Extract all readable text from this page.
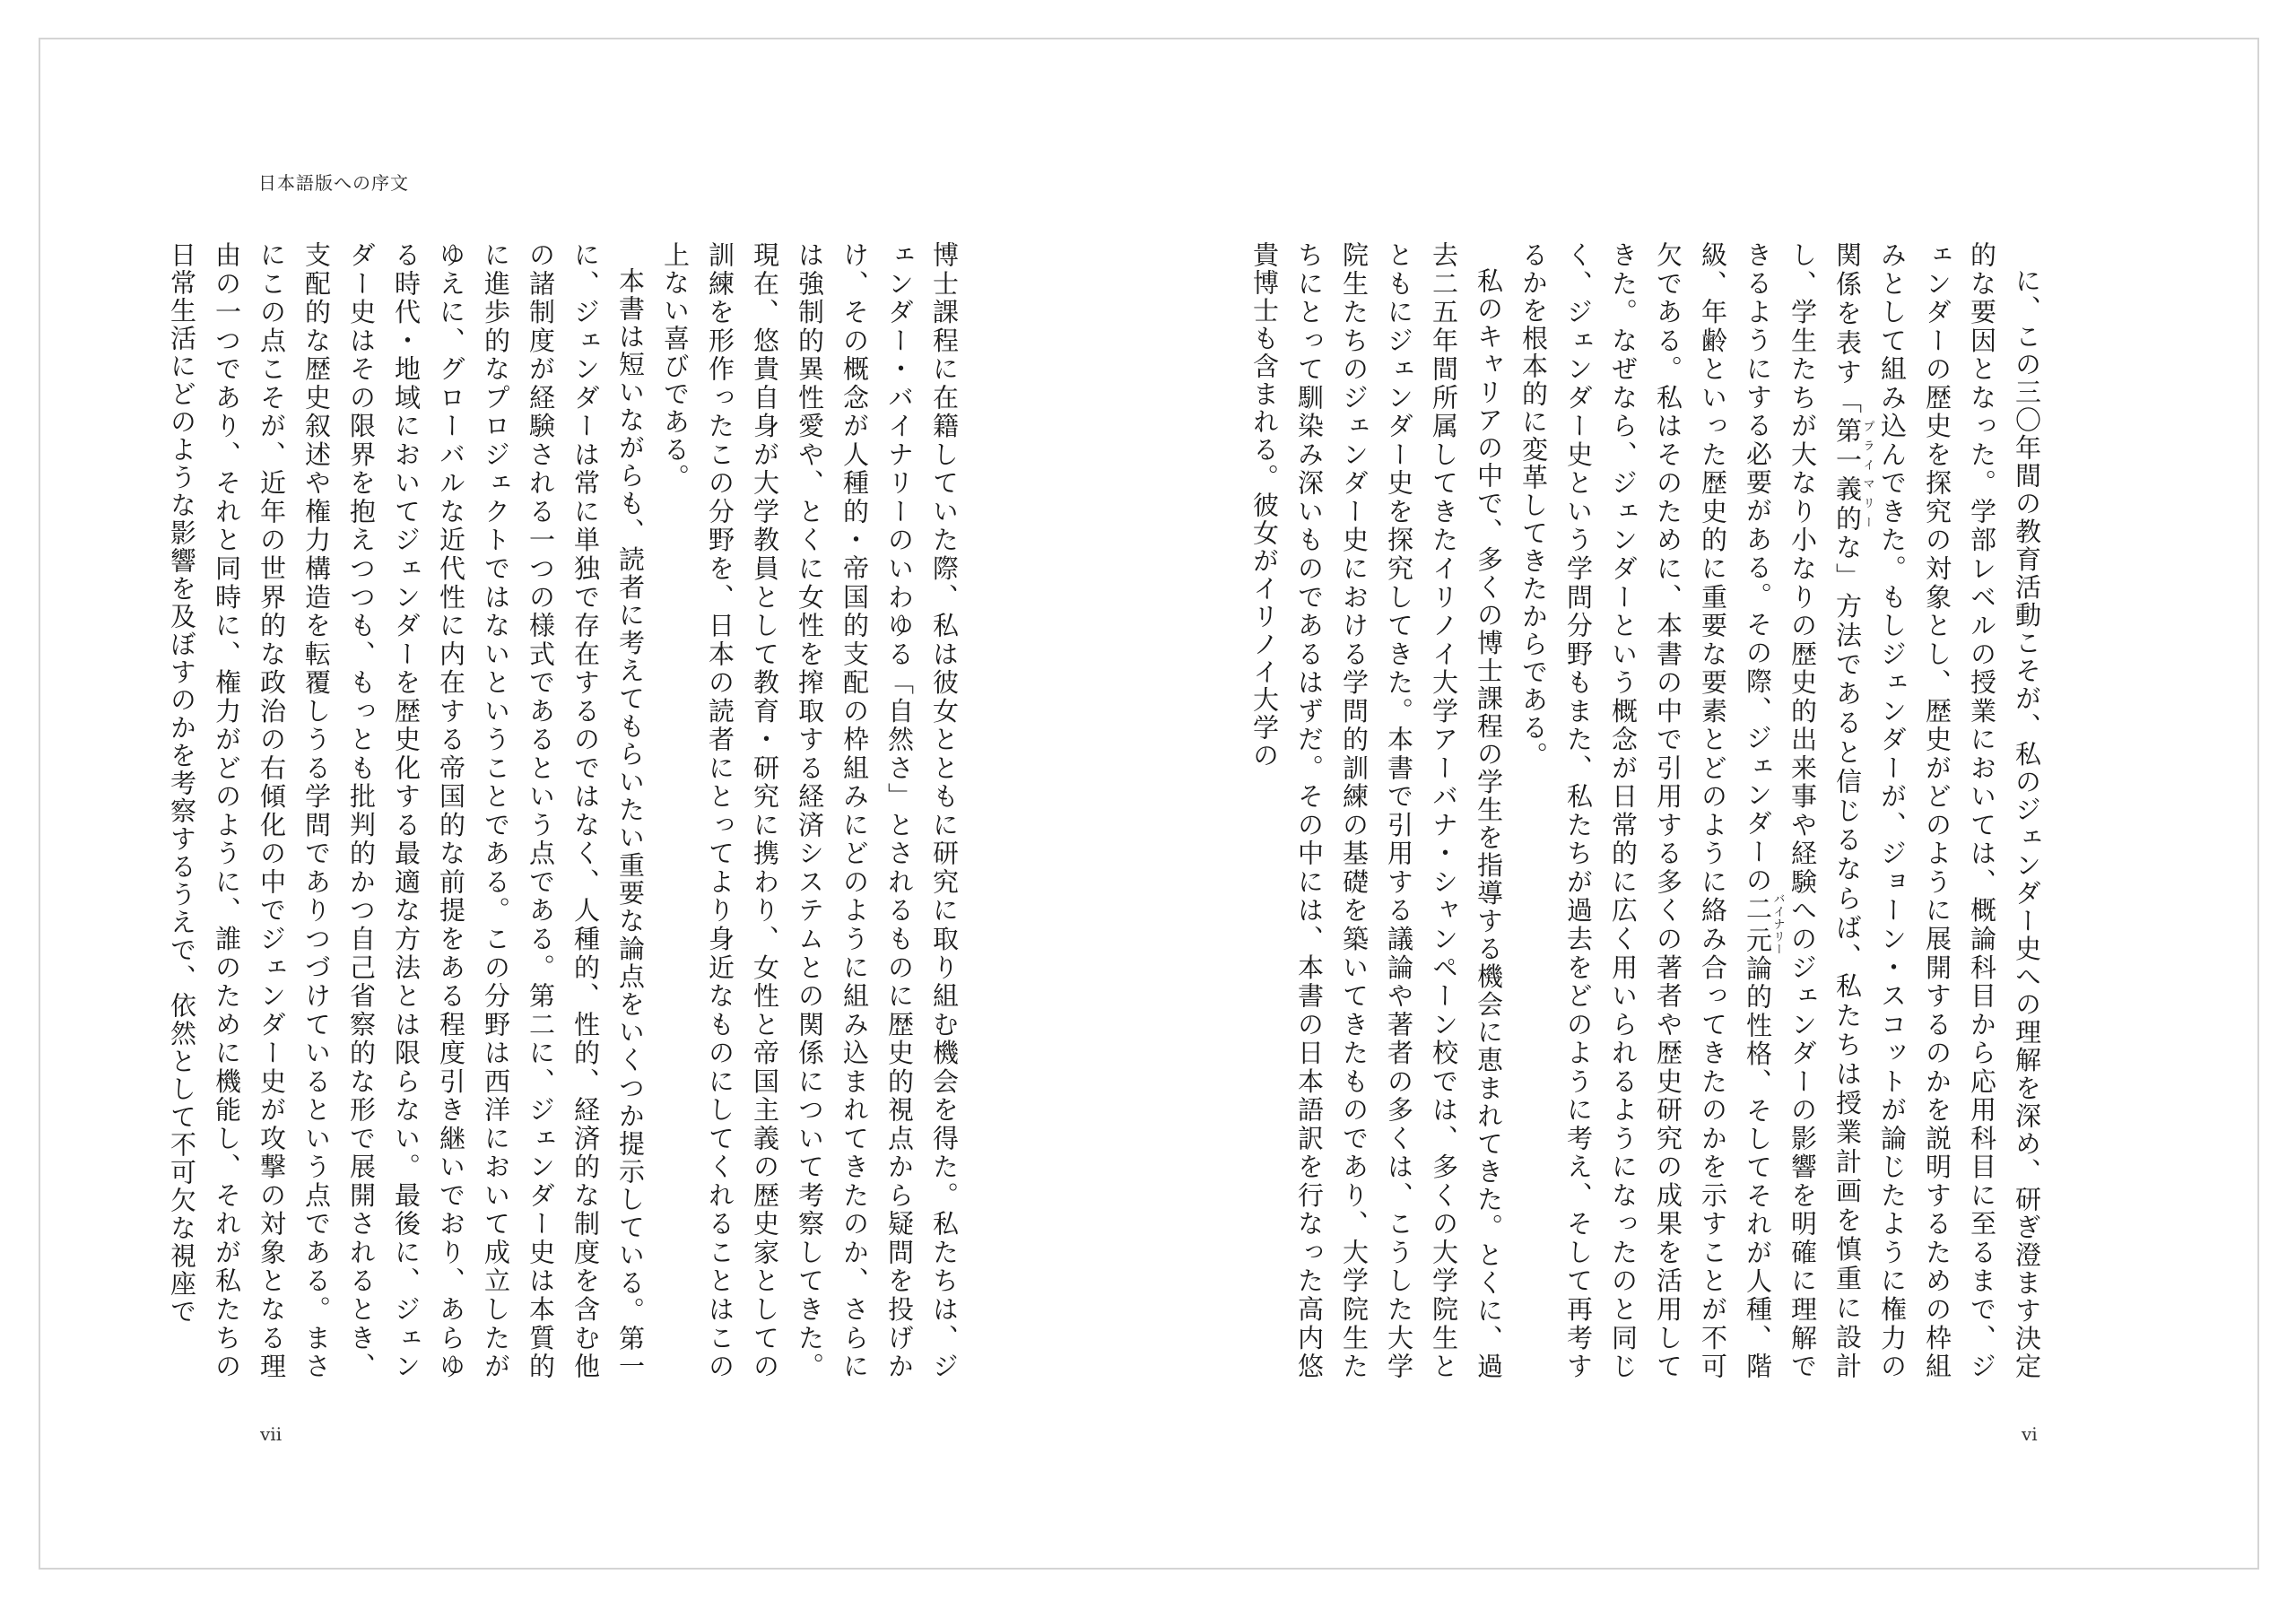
日本語版への序文

に、この三〇年間の教育活動こそが、私のジェンダー史への理解を深め、研ぎ澄ます決定的な要因となった。学部レベルの授業においては、概論科目から応用科目に至るまで、ジェンダーの歴史を探究の対象とし、歴史がどのように展開するのかを説明するための枠組みとして組み込んできた。もしジェンダーが、ジョーン・スコットが論じたように権力の関係を表す「第一義的プライマリーな」方法であると信じるならば、私たちは授業計画を慎重に設計し、学生たちが大なり小なりの歴史的出来事や経験へのジェンダーの影響を明確に理解できるようにする必要がある。その際、ジェンダーの二元バイナリー論的性格、そしてそれが人種、階級、年齢といった歴史的に重要な要素とどのように絡み合ってきたのかを示すことが不可欠である。私はそのために、本書の中で引用する多くの著者や歴史研究の成果を活用してきた。なぜなら、ジェンダーという概念が日常的に広く用いられるようになったのと同じく、ジェンダー史という学問分野もまた、私たちが過去をどのように考え、そして再考するかを根本的に変革してきたからである。

私のキャリアの中で、多くの博士課程の学生を指導する機会に恵まれてきた。とくに、過去二五年間所属してきたイリノイ大学アーバナ・シャンペーン校では、多くの大学院生とともにジェンダー史を探究してきた。本書で引用する議論や著者の多くは、こうした大学院生たちのジェンダー史における学問的訓練の基礎を築いてきたものであり、大学院生たちにとって馴染み深いものであるはずだ。その中には、本書の日本語訳を行なった高内悠貴博士も含まれる。彼女がイリノイ大学の

博士課程に在籍していた際、私は彼女とともに研究に取り組む機会を得た。私たちは、ジェンダー・バイナリーのいわゆる「自然さ」とされるものに歴史的視点から疑問を投げかけ、その概念が人種的・帝国的支配の枠組みにどのように組み込まれてきたのか、さらには強制的異性愛や、とくに女性を搾取する経済システムとの関係について考察してきた。現在、悠貴自身が大学教員として教育・研究に携わり、女性と帝国主義の歴史家としての訓練を形作ったこの分野を、日本の読者にとってより身近なものにしてくれることはこの上ない喜びである。

本書は短いながらも、読者に考えてもらいたい重要な論点をいくつか提示している。第一に、ジェンダーは常に単独で存在するのではなく、人種的、性的、経済的な制度を含む他の諸制度が経験される一つの様式であるという点である。第二に、ジェンダー史は本質的に進歩的なプロジェクトではないということである。この分野は西洋において成立したがゆえに、グローバルな近代性に内在する帝国的な前提をある程度引き継いでおり、あらゆる時代・地域においてジェンダーを歴史化する最適な方法とは限らない。最後に、ジェンダー史はその限界を抱えつつも、もっとも批判的かつ自己省察的な形で展開されるとき、支配的な歴史叙述や権力構造を転覆しうる学問でありつづけているという点である。まさにこの点こそが、近年の世界的な政治の右傾化の中でジェンダー史が攻撃の対象となる理由の一つであり、それと同時に、権力がどのように、誰のために機能し、それが私たちの日常生活にどのような影響を及ぼすのかを考察するうえで、依然として不可欠な視座で

vii	vi
